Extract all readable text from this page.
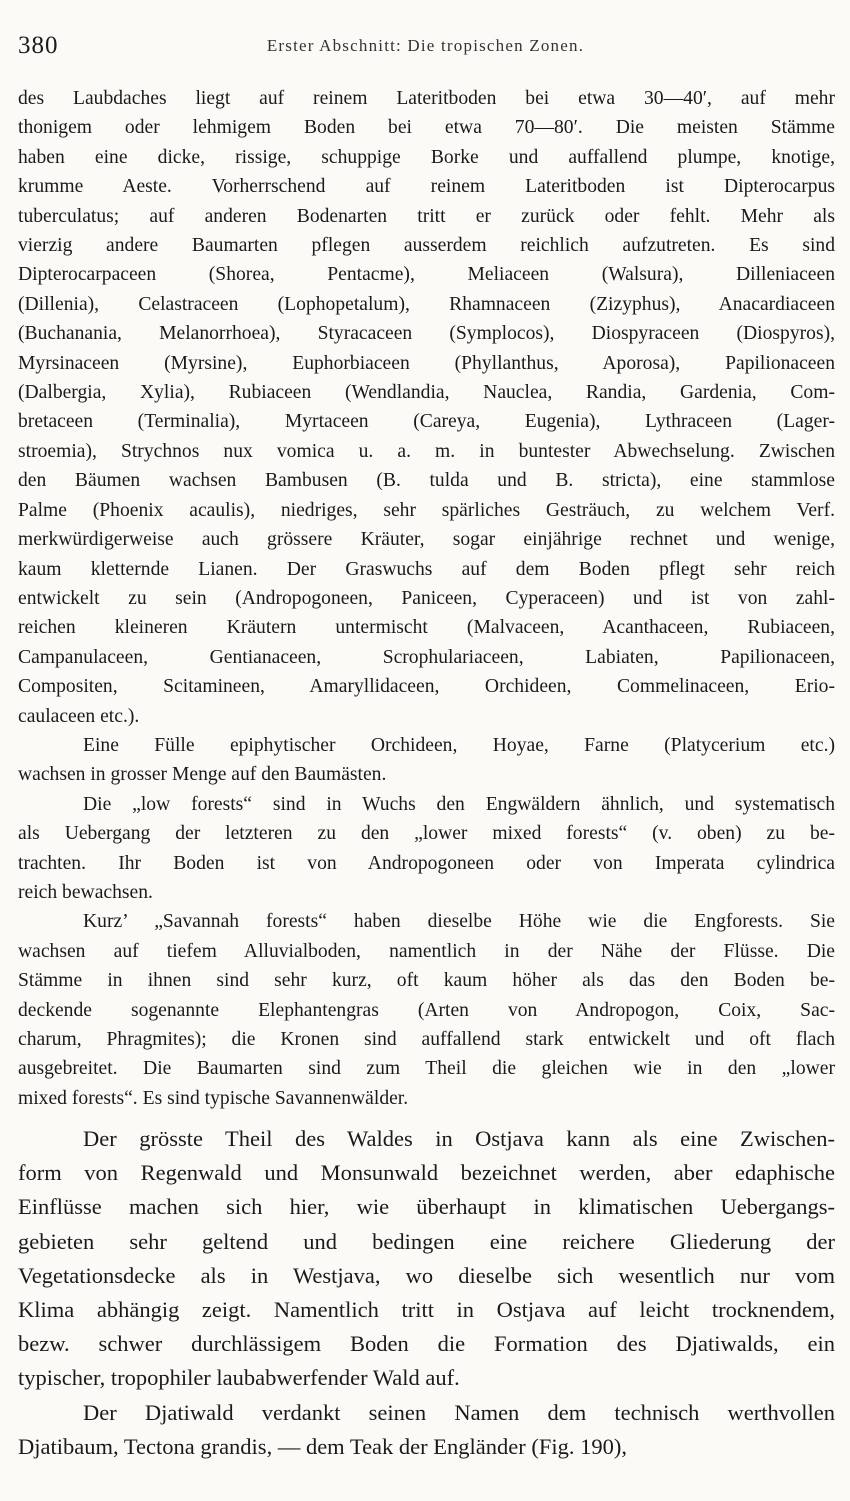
380	Erster Abschnitt: Die tropischen Zonen.

des Laubdaches liegt auf reinem Lateritboden bei etwa 30—40′, auf mehr
thonigem oder lehmigem Boden bei etwa 70—80′. Die meisten Stämme
haben eine dicke, rissige, schuppige Borke und auffallend plumpe, knotige,
krumme Aeste. Vorherrschend auf reinem Lateritboden ist Dipterocarpus
tuberculatus; auf anderen Bodenarten tritt er zurück oder fehlt. Mehr als
vierzig andere Baumarten pflegen ausserdem reichlich aufzutreten. Es sind
Dipterocarpaceen (Shorea, Pentacme), Meliaceen (Walsura), Dilleniaceen
(Dillenia), Celastraceen (Lophopetalum), Rhamnaceen (Zizyphus), Anacardiaceen
(Buchanania, Melanorrhoea), Styracaceen (Symplocos), Diospyraceen (Diospyros),
Myrsinaceen (Myrsine), Euphorbiaceen (Phyllanthus, Aporosa), Papilionaceen
(Dalbergia, Xylia), Rubiaceen (Wendlandia, Nauclea, Randia, Gardenia, Com-
bretaceen (Terminalia), Myrtaceen (Careya, Eugenia), Lythraceen (Lager-
stroemia), Strychnos nux vomica u. a. m. in buntester Abwechselung. Zwischen
den Bäumen wachsen Bambusen (B. tulda und B. stricta), eine stammlose
Palme (Phoenix acaulis), niedriges, sehr spärliches Gesträuch, zu welchem Verf.
merkwürdigerweise auch grössere Kräuter, sogar einjährige rechnet und wenige,
kaum kletternde Lianen. Der Graswuchs auf dem Boden pflegt sehr reich
entwickelt zu sein (Andropogoneen, Paniceen, Cyperaceen) und ist von zahl-
reichen kleineren Kräutern untermischt (Malvaceen, Acanthaceen, Rubiaceen,
Campanulaceen, Gentianaceen, Scrophulariaceen, Labiaten, Papilionaceen,
Compositen, Scitamineen, Amaryllidaceen, Orchideen, Commelinaceen, Erio-
caulaceen etc.).

Eine Fülle epiphytischer Orchideen, Hoyae, Farne (Platycerium etc.)
wachsen in grosser Menge auf den Baumästen.

Die „low forests“ sind in Wuchs den Engwäldern ähnlich, und systematisch
als Uebergang der letzteren zu den „lower mixed forests“ (v. oben) zu be-
trachten. Ihr Boden ist von Andropogoneen oder von Imperata cylindrica
reich bewachsen.

Kurz’ „Savannah forests“ haben dieselbe Höhe wie die Engforests. Sie
wachsen auf tiefem Alluvialboden, namentlich in der Nähe der Flüsse. Die
Stämme in ihnen sind sehr kurz, oft kaum höher als das den Boden be-
deckende sogenannte Elephantengras (Arten von Andropogon, Coix, Sac-
charum, Phragmites); die Kronen sind auffallend stark entwickelt und oft flach
ausgebreitet. Die Baumarten sind zum Theil die gleichen wie in den „lower
mixed forests“. Es sind typische Savannenwälder.

Der grösste Theil des Waldes in Ostjava kann als eine Zwischen-
form von Regenwald und Monsunwald bezeichnet werden, aber edaphische
Einflüsse machen sich hier, wie überhaupt in klimatischen Uebergangs-
gebieten sehr geltend und bedingen eine reichere Gliederung der
Vegetationsdecke als in Westjava, wo dieselbe sich wesentlich nur vom
Klima abhängig zeigt. Namentlich tritt in Ostjava auf leicht trocknendem,
bezw. schwer durchlässigem Boden die Formation des Djatiwalds, ein
typischer, tropophiler laubabwerfender Wald auf.

Der Djatiwald verdankt seinen Namen dem technisch werthvollen
Djatibaum, Tectona grandis, — dem Teak der Engländer (Fig. 190),
